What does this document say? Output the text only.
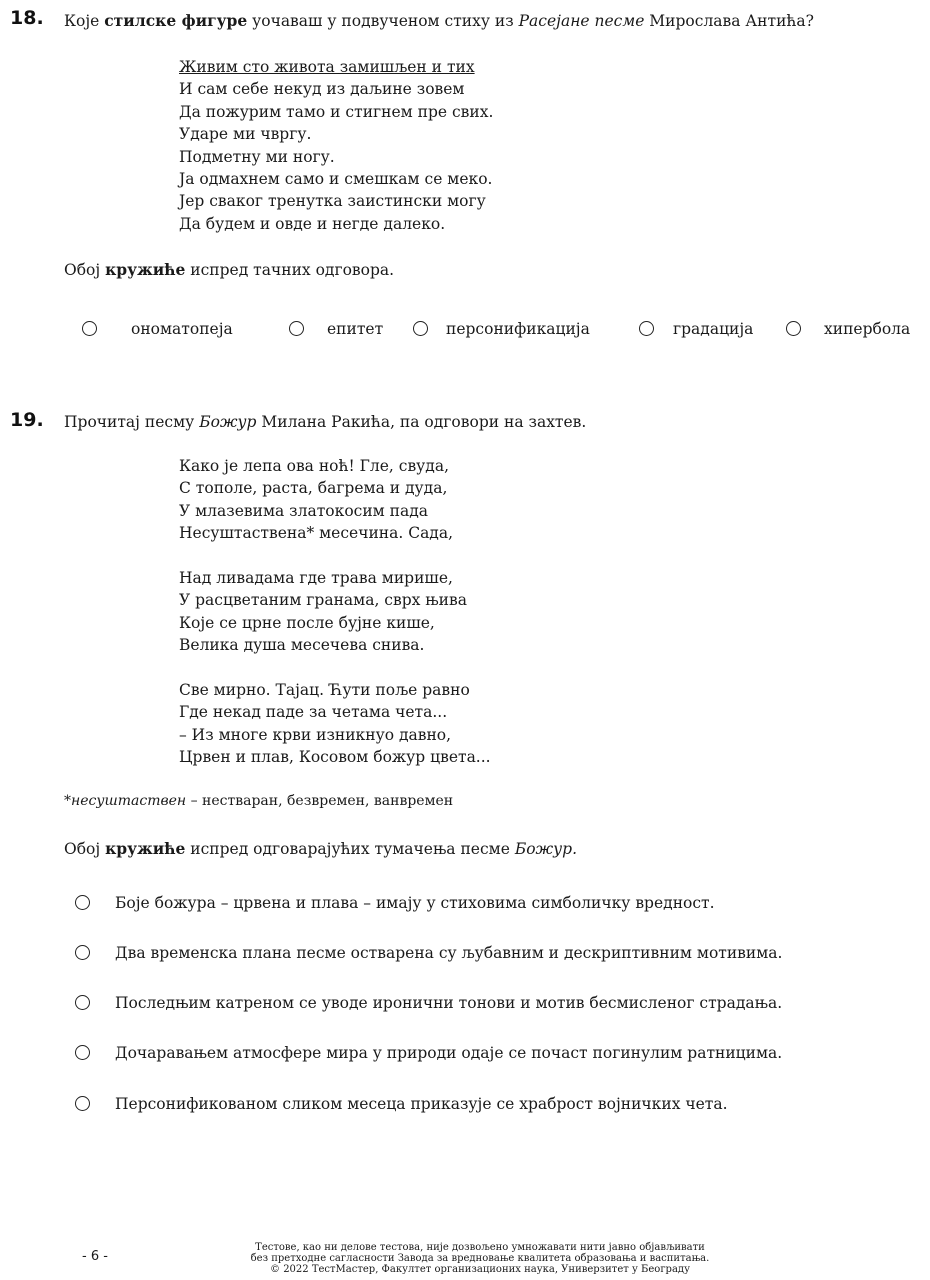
18. Које стилске фигуре уочаваш у подвученом стиху из Расејане песме Мирослава Антића?
Живим сто живота замишљен и тих
И сам себе некуд из даљине зовем
Да пожурим тамо и стигнем пре свих.
Ударе ми чвргу.
Подметну ми ногу.
Ја одмахнем само и смешкам се меко.
Јер сваког тренутка заистински могу
Да будем и овде и негде далеко.
Обој кружиће испред тачних одговора.
ономатопеја	епитет	персонификација	градација	хипербола
19. Прочитај песму Божур Милана Ракића, па одговори на захтев.
Како је лепа ова ноћ! Гле, свуда,
С тополе, раста, багрема и дуда,
У млазевима златокосим пада
Несуштаствена* месечина. Сада,
Над ливадама где трава мирише,
У расцветаним гранама, сврх њива
Које се црне после бујне кише,
Велика душа месечева снива.
Све мирно. Тајац. Ћути поље равно
Где некад паде за четама чета...
– Из многе крви изникнуо давно,
Црвен и плав, Косовом божур цвета...
*несуштаствен – нестваран, безвремен, ванвремен
Обој кружиће испред одговарајућих тумачења песме Божур.
Боје божура – црвена и плава – имају у стиховима симболичку вредност.
Два временска плана песме остварена су љубавним и дескриптивним мотивима.
Последњим катреном се уводе иронични тонови и мотив бесмисленог страдања.
Дочаравањем атмосфере мира у природи одаје се почаст погинулим ратницима.
Персонификованом сликом месеца приказује се храброст војничких чета.
- 6 -
Тестове, као ни делове тестова, није дозвољено умножавати нити јавно објављивати
без претходне сагласности Завода за вредновање квалитета образовања и васпитања.
© 2022 ТестМастер, Факултет организационих наука, Универзитет у Београду
